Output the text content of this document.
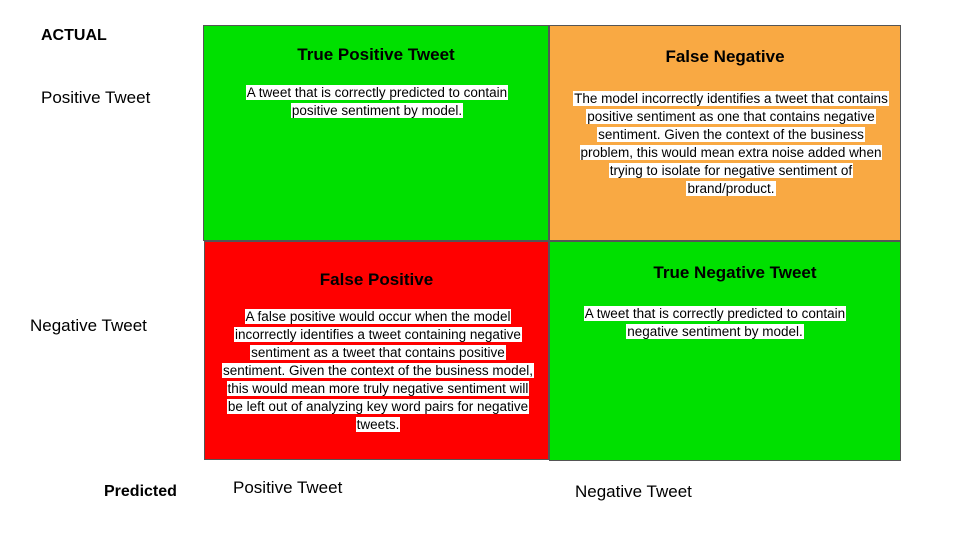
ACTUAL
Positive Tweet
Negative Tweet
Predicted	Positive Tweet	Negative Tweet
True Positive Tweet
A tweet that is correctly predicted to contain positive sentiment by model.
False Negative
The model incorrectly identifies a tweet that contains positive sentiment as one that contains negative sentiment. Given the context of the business problem, this would mean extra noise added when trying to isolate for negative sentiment of brand/product.
False Positive
A false positive would occur when the model incorrectly identifies a tweet containing negative sentiment as a tweet that contains positive sentiment. Given the context of the business model, this would mean more truly negative sentiment will be left out of analyzing key word pairs for negative tweets.
True Negative Tweet
A tweet that is correctly predicted to contain negative sentiment by model.
